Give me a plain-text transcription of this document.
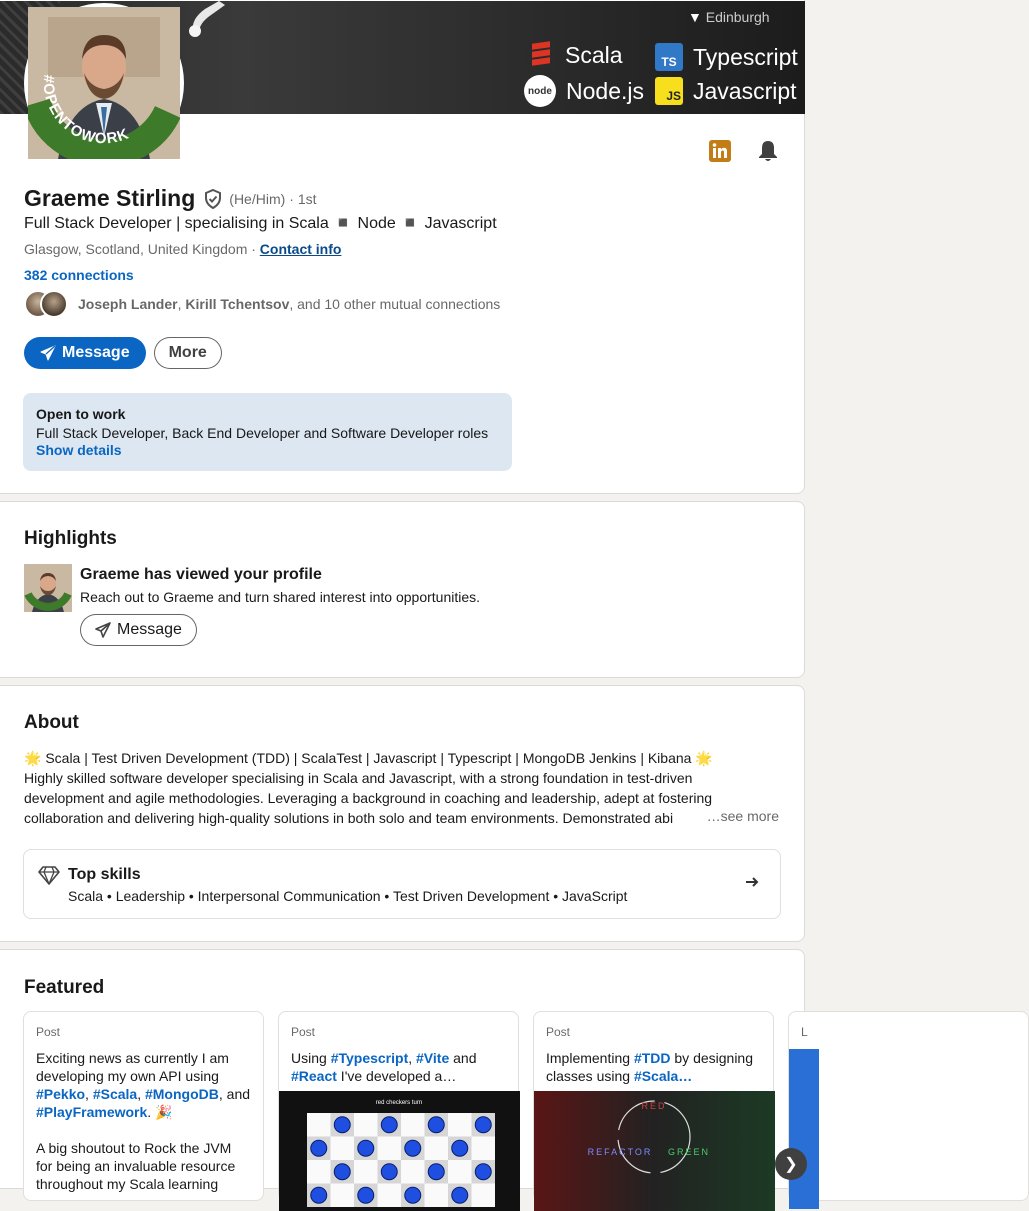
▼ Edinburgh
Scala	TS Typescript
node Node.js	JS Javascript
#OPENTOWORK
Graeme Stirling (He/Him) · 1st
Full Stack Developer | specialising in Scala ◾ Node ◾ Javascript
Glasgow, Scotland, United Kingdom · Contact info
382 connections
Joseph Lander, Kirill Tchentsov, and 10 other mutual connections
Message More
Open to work
Full Stack Developer, Back End Developer and Software Developer roles
Show details
Highlights
Graeme has viewed your profile
Reach out to Graeme and turn shared interest into opportunities.
Message
About
🌟 Scala | Test Driven Development (TDD) | ScalaTest | Javascript | Typescript | MongoDB Jenkins | Kibana 🌟
Highly skilled software developer specialising in Scala and Javascript, with a strong foundation in test-driven
development and agile methodologies. Leveraging a background in coaching and leadership, adept at fostering
collaboration and delivering high-quality solutions in both solo and team environments. Demonstrated abi	…see more
Top skills
Scala • Leadership • Interpersonal Communication • Test Driven Development • JavaScript
Featured
Post
Exciting news as currently I am developing my own API using #Pekko, #Scala, #MongoDB, and #PlayFramework. 🎉

A big shoutout to Rock the JVM for being an invaluable resource throughout my Scala learning
Post
Using #Typescript, #Vite and #React I've developed a…
red checkers turn
Post
Implementing #TDD by designing classes using #Scala…
RED
REFACTOR GREEN
L
❯
